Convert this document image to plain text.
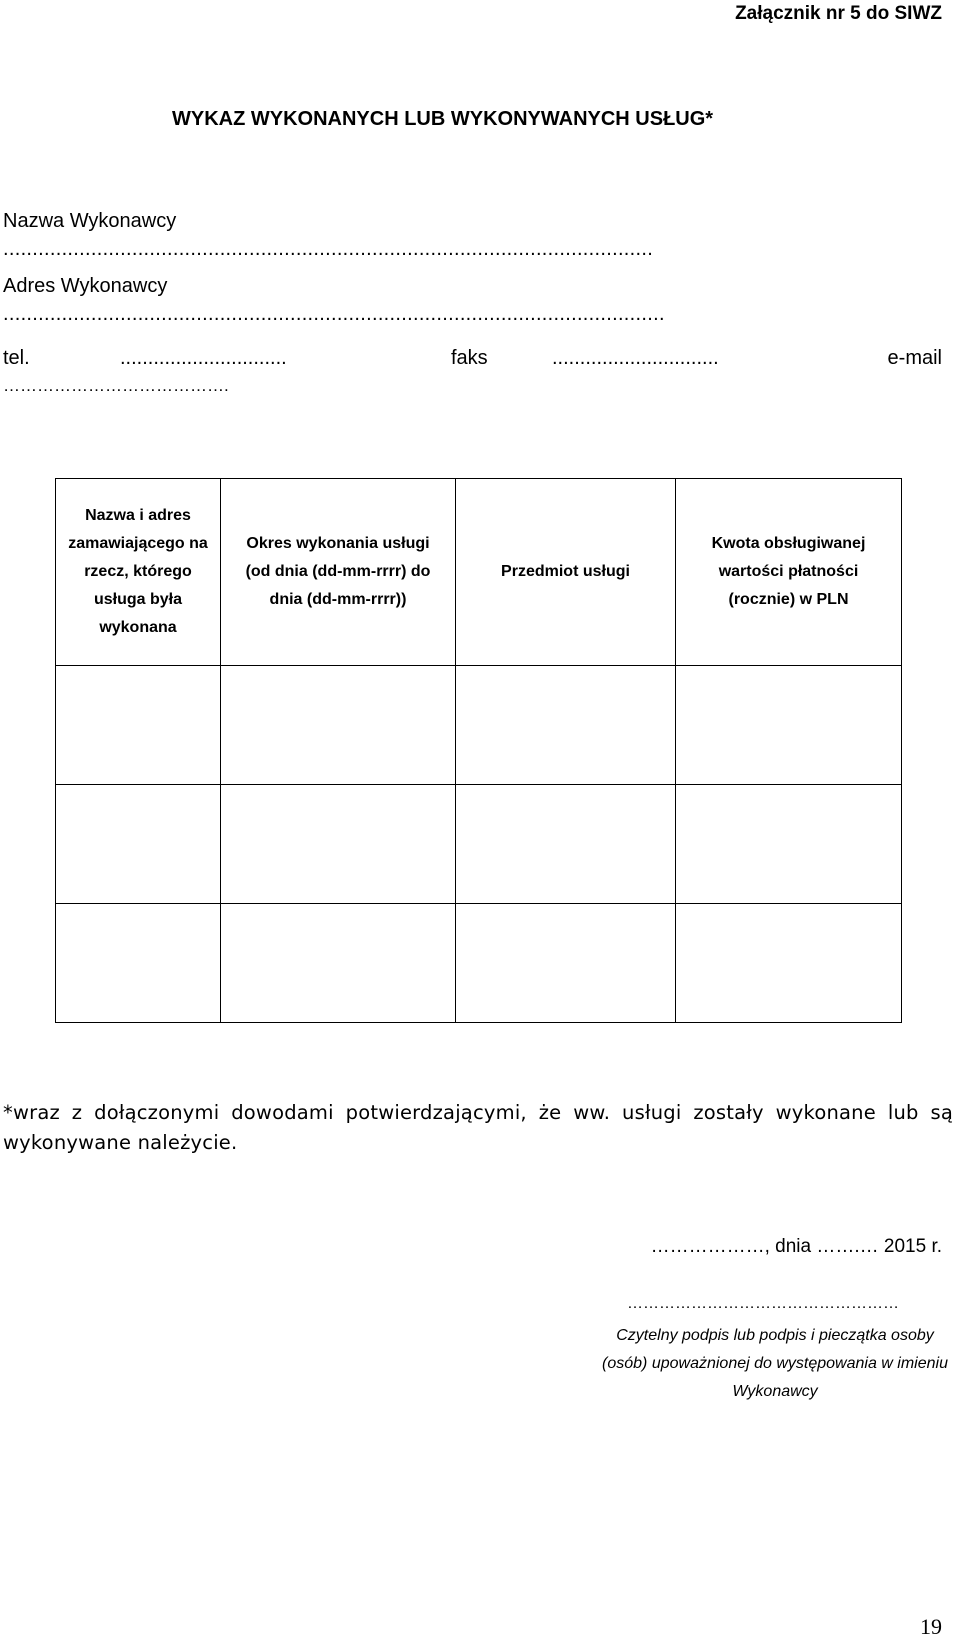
Załącznik nr 5 do SIWZ
WYKAZ WYKONANYCH LUB WYKONYWANYCH USŁUG*
Nazwa Wykonawcy
...............................................................................................................
Adres Wykonawcy
.................................................................................................................
tel.	..............................	faks	..............................	e-mail
………………………………….
Nazwa i adres zamawiającego na rzecz, którego usługa była wykonana	Okres wykonania usługi (od dnia (dd-mm-rrrr) do dnia (dd-mm-rrrr))	Przedmiot usługi	Kwota obsługiwanej wartości płatności (rocznie) w PLN

*wraz z dołączonymi dowodami potwierdzającymi, że ww. usługi zostały wykonane lub są wykonywane należycie.
………………, dnia …….… 2015 r.
……………………………………………
Czytelny podpis lub podpis i pieczątka osoby (osób) upoważnionej do występowania w imieniu Wykonawcy
19
